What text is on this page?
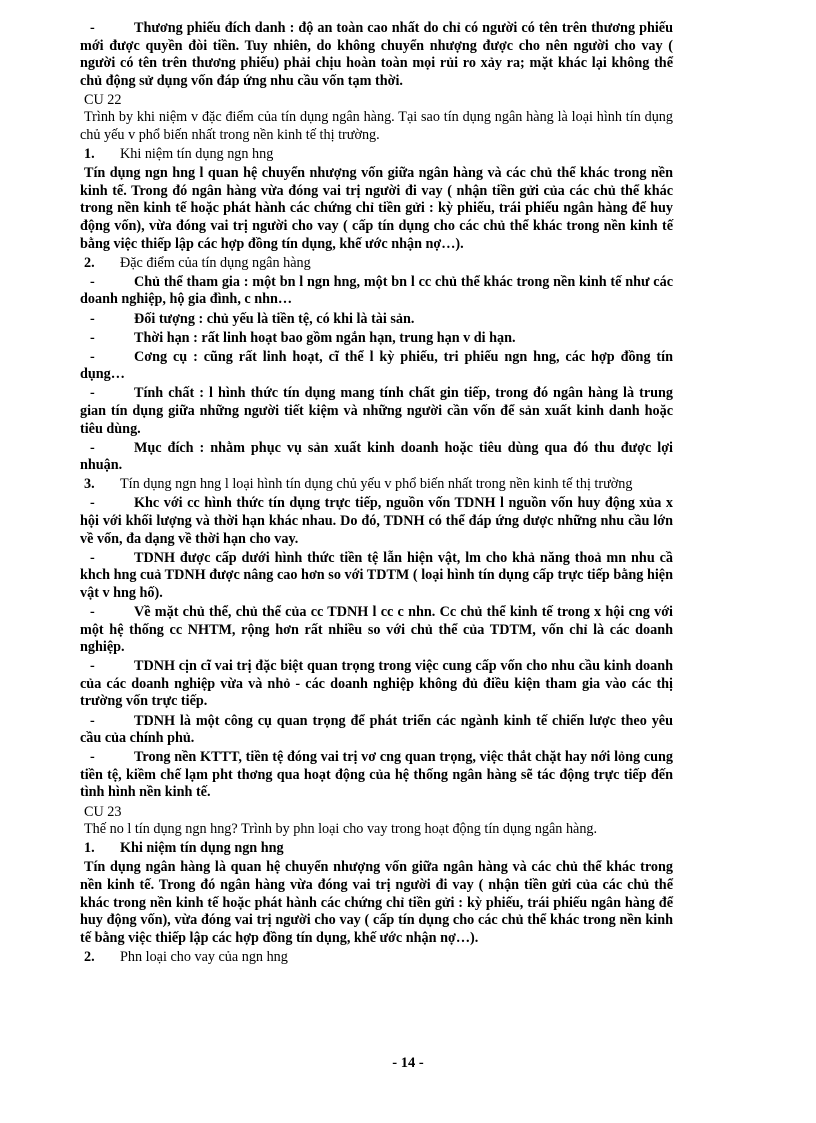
-	Thương phiếu đích danh : độ an toàn cao nhất do chỉ có người có tên trên thương phiếu mới được quyền đòi tiền. Tuy nhiên, do không chuyển nhượng được cho nên người cho vay ( người có tên trên thương phiếu) phải chịu hoàn toàn mọi rủi ro xảy ra; mặt khác lại không thể chủ động sử dụng vốn đáp ứng nhu cầu vốn tạm thời.

CU 22

Trình by khi niệm v đặc điểm của tín dụng ngân hàng. Tại sao tín dụng ngân hàng là loại hình tín dụng chủ yếu v phổ biến nhất trong nền kinh tế thị trường.

1. Khi niệm tín dụng ngn hng

Tín dụng ngn hng l quan hệ chuyển nhượng vốn giữa ngân hàng và các chủ thể khác trong nền kinh tế. Trong đó ngân hàng vừa đóng vai trị người đi vay ( nhận tiền gửi của các chủ thể khác trong nền kinh tế hoặc phát hành các chứng chỉ tiền gửi : kỳ phiếu, trái phiếu ngân hàng để huy động vốn), vừa đóng vai trị người cho vay ( cấp tín dụng cho các chủ thể khác trong nền kinh tế bằng việc thiếp lập các hợp đồng tín dụng, khế ước nhận nợ…).

2. Đặc điểm của tín dụng ngân hàng

-	Chủ thể tham gia : một bn l ngn hng, một bn l cc chủ thể khác trong nền kinh tế như các doanh nghiệp, hộ gia đình, c nhn…

-	Đối tượng : chủ yếu là tiền tệ, có khi là tài sản.

-	Thời hạn : rất linh hoạt bao gồm ngắn hạn, trung hạn v di hạn.

-	Cơng cụ : cũng rất linh hoạt, cĩ thể l kỳ phiếu, tri phiếu ngn hng, các hợp đồng tín dụng…

-	Tính chất : l hình thức tín dụng mang tính chất gin tiếp, trong đó ngân hàng là trung gian tín dụng giữa những người tiết kiệm và những người cần vốn để sản xuất kinh danh hoặc tiêu dùng.

-	Mục đích : nhằm phục vụ sản xuất kinh doanh hoặc tiêu dùng qua đó thu được lợi nhuận.

3. Tín dụng ngn hng l loại hình tín dụng chủ yếu v phổ biến nhất trong nền kinh tế thị trường

-	Khc với cc hình thức tín dụng trực tiếp, nguồn vốn TDNH l nguồn vốn huy động xủa x hội với khối lượng và thời hạn khác nhau. Do đó, TDNH có thể đáp ứng dược những nhu cầu lớn về vốn, đa dạng về thời hạn cho vay.

-	TDNH được cấp dưới hình thức tiền tệ lẫn hiện vật, lm cho khả năng thoả mn nhu cầ khch hng cuả TDNH được nâng cao hơn so với TDTM ( loại hình tín dụng cấp trực tiếp bằng hiện vật v hng hố).

-	Về mặt chủ thể, chủ thể của cc TDNH l cc c nhn. Cc chủ thể kinh tế trong x hội cng với một hệ thống cc NHTM, rộng hơn rất nhiều so với chủ thể của TDTM, vốn chỉ là các doanh nghiệp.

-	TDNH cịn cĩ vai trị đặc biệt quan trọng trong việc cung cấp vốn cho nhu cầu kinh doanh của các doanh nghiệp vừa và nhỏ - các doanh nghiệp không đủ điều kiện tham gia vào các thị trường vốn trực tiếp.

-	TDNH là một công cụ quan trọng để phát triển các ngành kinh tế chiến lược theo yêu cầu của chính phủ.

-	Trong nền KTTT, tiền tệ đóng vai trị vơ cng quan trọng, việc thắt chặt hay nới lỏng cung tiền tệ, kiềm chế lạm pht thơng qua hoạt động của hệ thống ngân hàng sẽ tác động trực tiếp đến tình hình nền kinh tế.

CU 23

Thế no l tín dụng ngn hng? Trình by phn loại cho vay trong hoạt động tín dụng ngân hàng.

1. Khi niệm tín dụng ngn hng

Tín dụng ngân hàng là quan hệ chuyển nhượng vốn giữa ngân hàng và các chủ thể khác trong nền kinh tế. Trong đó ngân hàng vừa đóng vai trị người đi vay ( nhận tiền gửi của các chủ thể khác trong nền kinh tế hoặc phát hành các chứng chỉ tiền gửi : kỳ phiếu, trái phiếu ngân hàng để huy động vốn), vừa đóng vai trị người cho vay ( cấp tín dụng cho các chủ thể khác trong nền kinh tế bằng việc thiếp lập các hợp đồng tín dụng, khế ước nhận nợ…).

2. Phn loại cho vay của ngn hng

- 14 -
